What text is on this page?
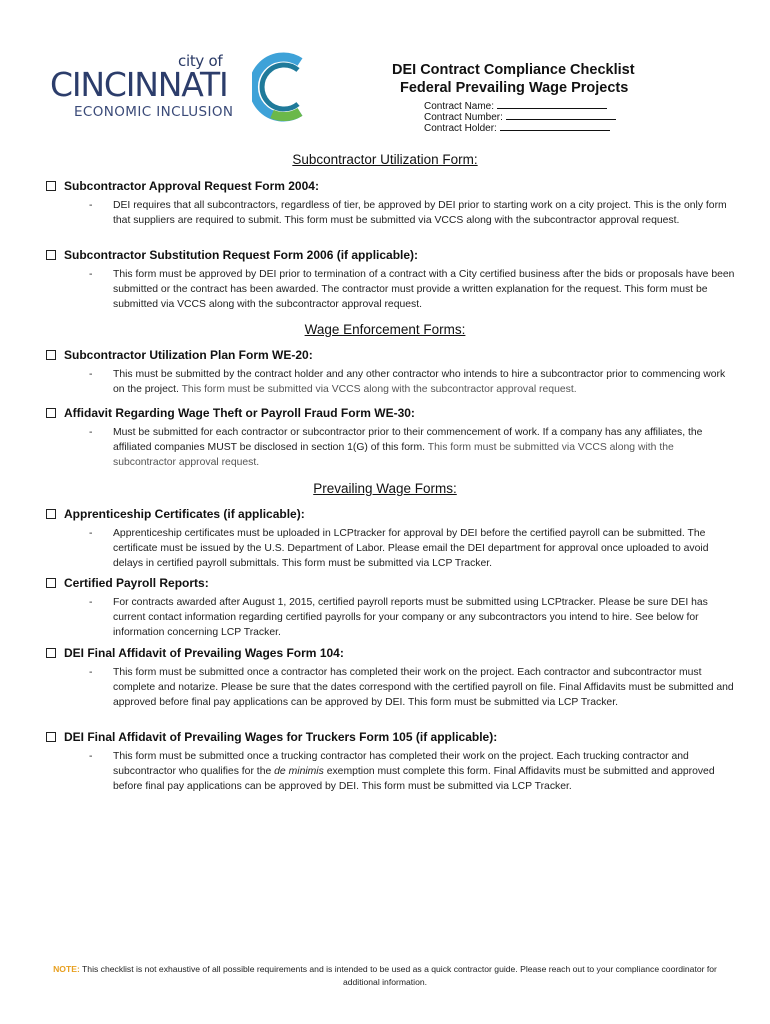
city of
CINCINNATI
ECONOMIC INCLUSION
DEI Contract Compliance Checklist
Federal Prevailing Wage Projects
Contract Name:
Contract Number:
Contract Holder:
Subcontractor Utilization Form:
Subcontractor Approval Request Form 2004:
- DEI requires that all subcontractors, regardless of tier, be approved by DEI prior to starting work on a city project. This is the only form that suppliers are required to submit. This form must be submitted via VCCS along with the subcontractor approval request.
Subcontractor Substitution Request Form 2006 (if applicable):
- This form must be approved by DEI prior to termination of a contract with a City certified business after the bids or proposals have been submitted or the contract has been awarded. The contractor must provide a written explanation for the request. This form must be submitted via VCCS along with the subcontractor approval request.
Wage Enforcement Forms:
Subcontractor Utilization Plan Form WE-20:
- This must be submitted by the contract holder and any other contractor who intends to hire a subcontractor prior to commencing work on the project. This form must be submitted via VCCS along with the subcontractor approval request.
Affidavit Regarding Wage Theft or Payroll Fraud Form WE-30:
- Must be submitted for each contractor or subcontractor prior to their commencement of work. If a company has any affiliates, the affiliated companies MUST be disclosed in section 1(G) of this form. This form must be submitted via VCCS along with the subcontractor approval request.
Prevailing Wage Forms:
Apprenticeship Certificates (if applicable):
- Apprenticeship certificates must be uploaded in LCPtracker for approval by DEI before the certified payroll can be submitted. The certificate must be issued by the U.S. Department of Labor. Please email the DEI department for approval once uploaded to avoid delays in certified payroll submittals. This form must be submitted via LCP Tracker.
Certified Payroll Reports:
- For contracts awarded after August 1, 2015, certified payroll reports must be submitted using LCPtracker. Please be sure DEI has current contact information regarding certified payrolls for your company or any subcontractors you intend to hire. See below for information concerning LCP Tracker.
DEI Final Affidavit of Prevailing Wages Form 104:
- This form must be submitted once a contractor has completed their work on the project. Each contractor and subcontractor must complete and notarize. Please be sure that the dates correspond with the certified payroll on file. Final Affidavits must be submitted and approved before final pay applications can be approved by DEI. This form must be submitted via LCP Tracker.
DEI Final Affidavit of Prevailing Wages for Truckers Form 105 (if applicable):
- This form must be submitted once a trucking contractor has completed their work on the project. Each trucking contractor and subcontractor who qualifies for the de minimis exemption must complete this form. Final Affidavits must be submitted and approved before final pay applications can be approved by DEI. This form must be submitted via LCP Tracker.
NOTE: This checklist is not exhaustive of all possible requirements and is intended to be used as a quick contractor guide. Please reach out to your compliance coordinator for additional information.
